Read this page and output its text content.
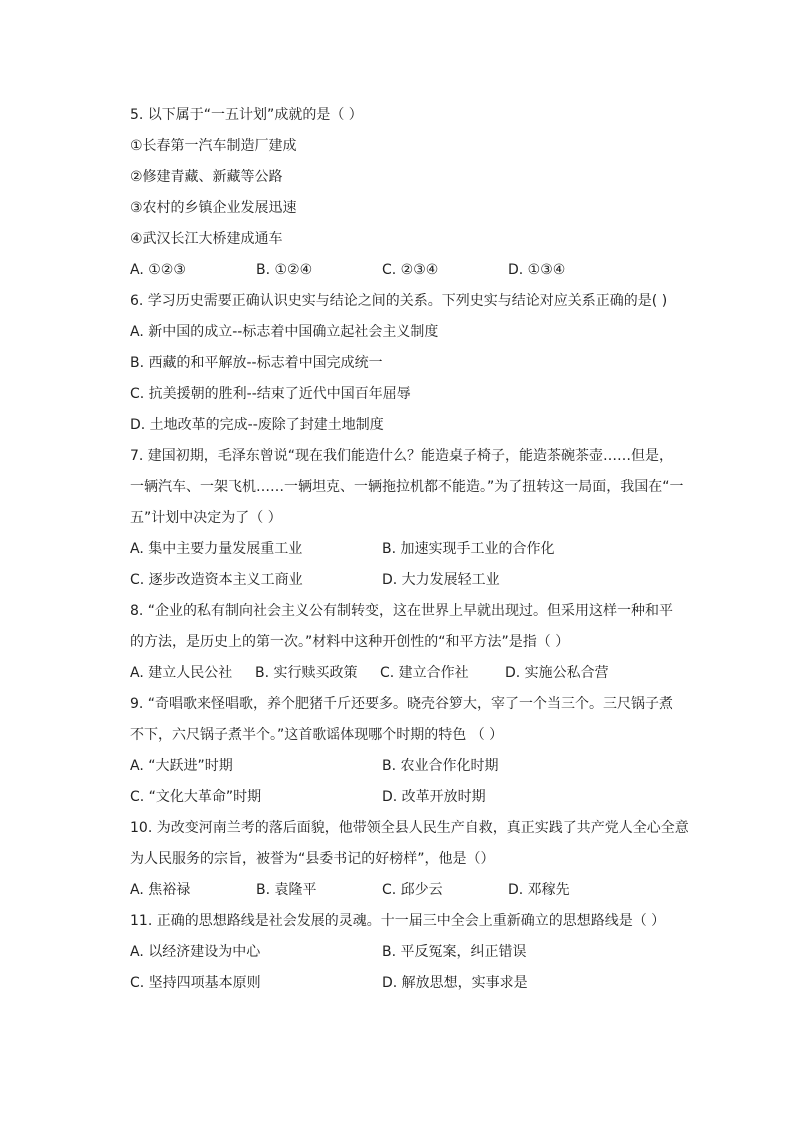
5. 以下属于“一五计划”成就的是（ ）
①长春第一汽车制造厂建成
②修建青藏、新藏等公路
③农村的乡镇企业发展迅速
④武汉长江大桥建成通车
A. ①②③	B. ①②④	C. ②③④	D. ①③④
6. 学习历史需要正确认识史实与结论之间的关系。下列史实与结论对应关系正确的是( )
A. 新中国的成立--标志着中国确立起社会主义制度
B. 西藏的和平解放--标志着中国完成统一
C. 抗美援朝的胜利--结束了近代中国百年屈辱
D. 土地改革的完成--废除了封建土地制度
7. 建国初期，毛泽东曾说“现在我们能造什么？能造桌子椅子，能造茶碗茶壶……但是，
一辆汽车、一架飞机……一辆坦克、一辆拖拉机都不能造。”为了扭转这一局面，我国在“一
五”计划中决定为了（ ）
A. 集中主要力量发展重工业	B. 加速实现手工业的合作化
C. 逐步改造资本主义工商业	D. 大力发展轻工业
8. “企业的私有制向社会主义公有制转变，这在世界上早就出现过。但采用这样一种和平
的方法，是历史上的第一次。”材料中这种开创性的“和平方法”是指（ ）
A. 建立人民公社	B. 实行赎买政策	C. 建立合作社	D. 实施公私合营
9. “奇唱歌来怪唱歌，养个肥猪千斤还要多。晓壳谷箩大，宰了一个当三个。三尺锅子煮
不下，六尺锅子煮半个。”这首歌谣体现哪个时期的特色 （ ）
A. “大跃进”时期	B. 农业合作化时期
C. “文化大革命”时期	D. 改革开放时期
10. 为改变河南兰考的落后面貌，他带领全县人民生产自救，真正实践了共产党人全心全意
为人民服务的宗旨，被誉为“县委书记的好榜样”，他是（）
A. 焦裕禄	B. 袁隆平	C. 邱少云	D. 邓稼先
11. 正确的思想路线是社会发展的灵魂。十一届三中全会上重新确立的思想路线是（ ）
A. 以经济建设为中心	B. 平反冤案，纠正错误
C. 坚持四项基本原则	D. 解放思想，实事求是
